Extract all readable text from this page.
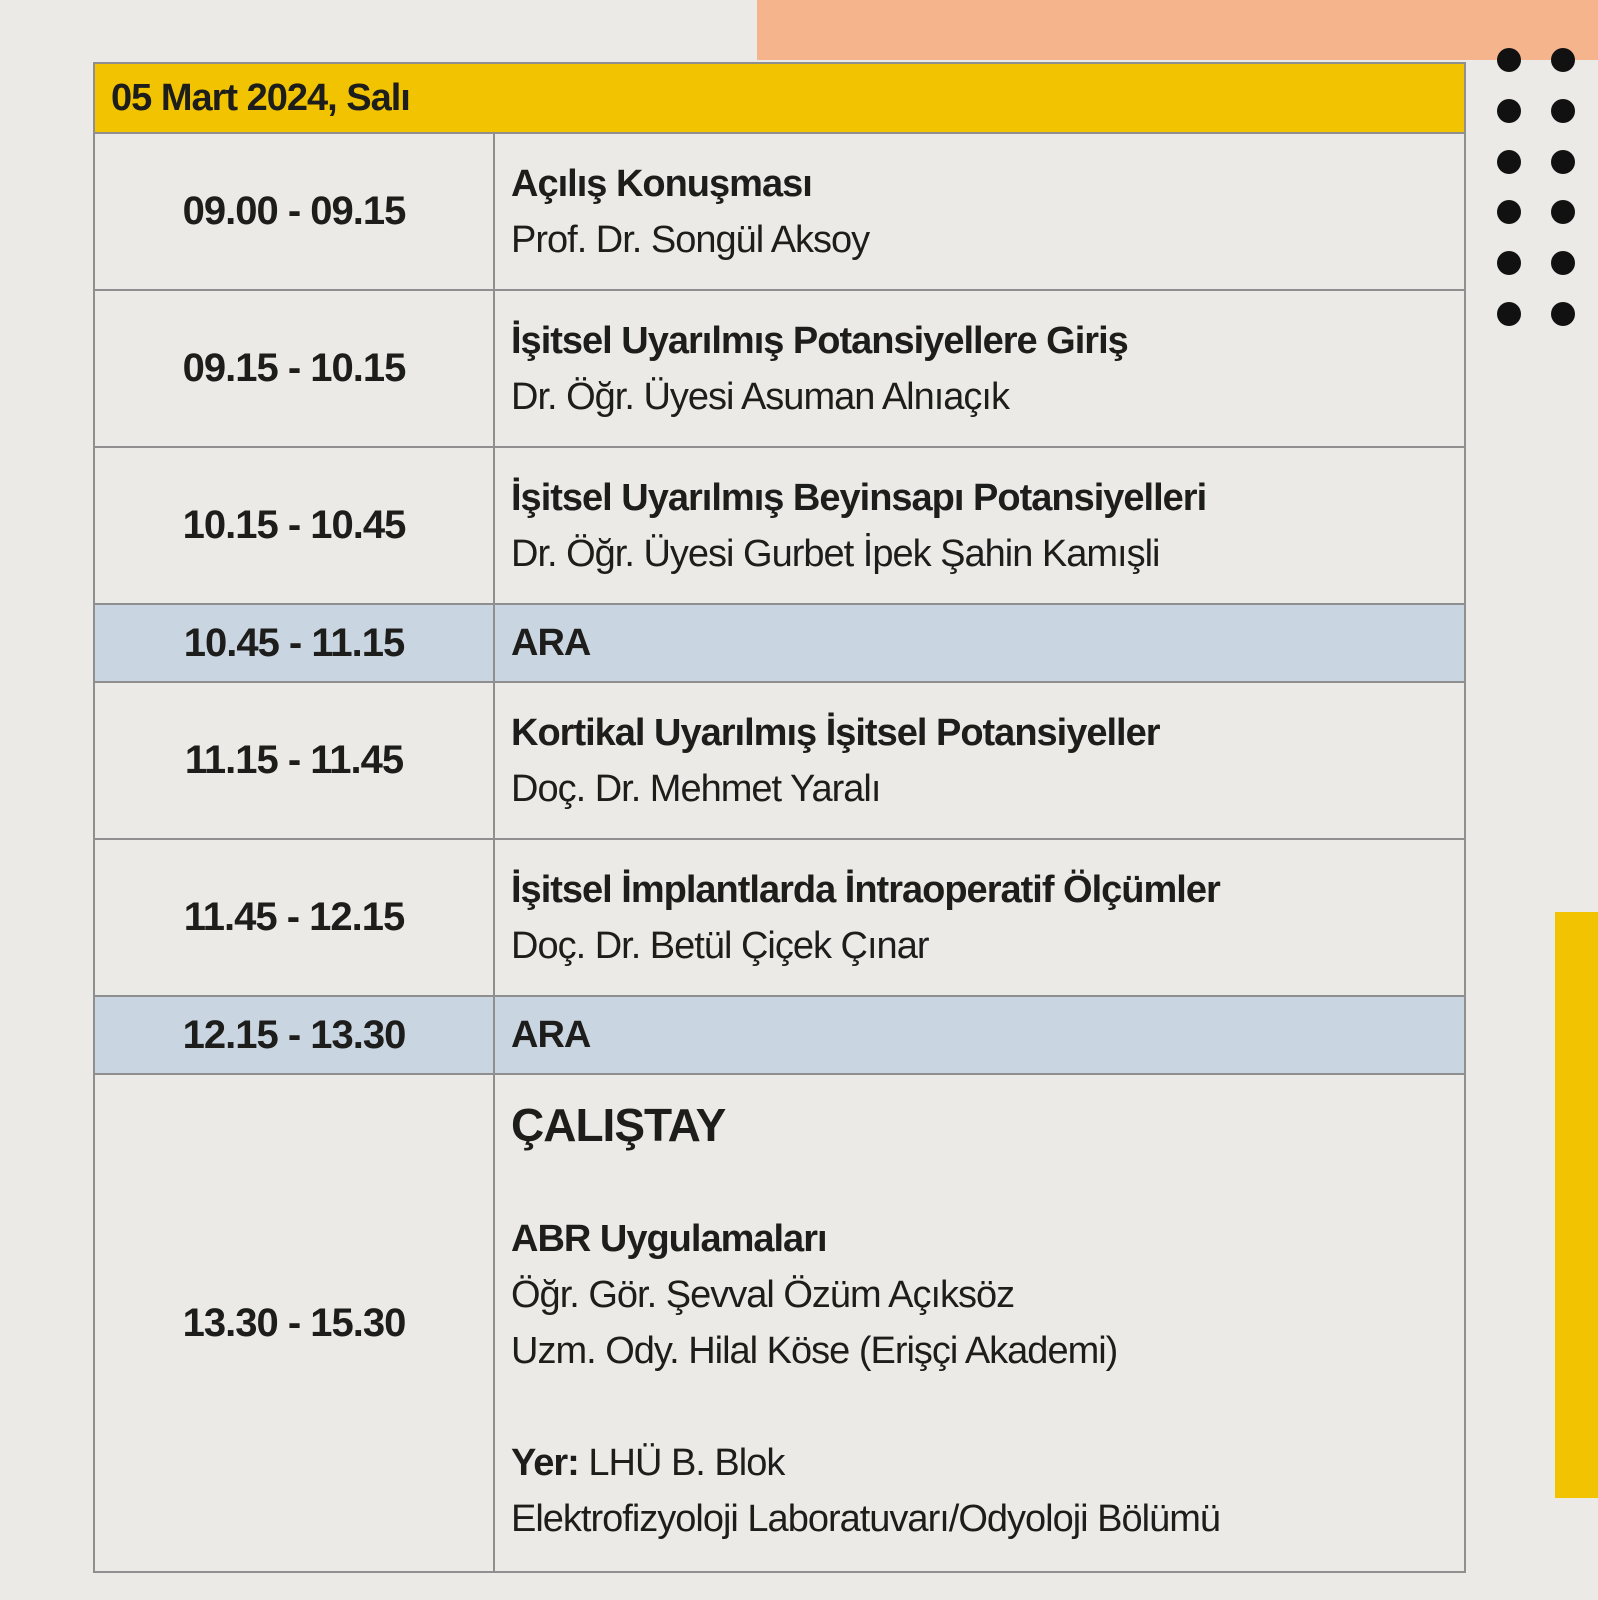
05 Mart 2024, Salı
09.00 - 09.15
Açılış Konuşması
Prof. Dr. Songül Aksoy
09.15 - 10.15
İşitsel Uyarılmış Potansiyellere Giriş
Dr. Öğr. Üyesi Asuman Alnıaçık
10.15 - 10.45
İşitsel Uyarılmış Beyinsapı Potansiyelleri
Dr. Öğr. Üyesi Gurbet İpek Şahin Kamışli
10.45 - 11.15	ARA
11.15 - 11.45
Kortikal Uyarılmış İşitsel Potansiyeller
Doç. Dr. Mehmet Yaralı
11.45 - 12.15
İşitsel İmplantlarda İntraoperatif Ölçümler
Doç. Dr. Betül Çiçek Çınar
12.15 - 13.30	ARA
13.30 - 15.30
ÇALIŞTAY
ABR Uygulamaları
Öğr. Gör. Şevval Özüm Açıksöz
Uzm. Ody. Hilal Köse (Erişçi Akademi)
Yer: LHÜ B. Blok
Elektrofizyoloji Laboratuvarı/Odyoloji Bölümü
